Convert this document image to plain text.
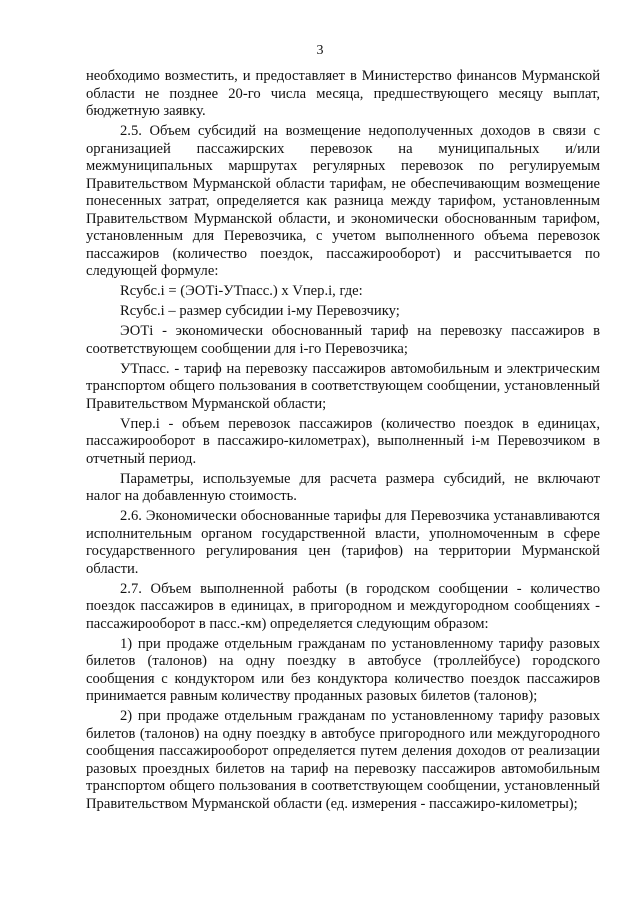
3

необходимо возместить, и предоставляет в Министерство финансов Мурманской области не позднее 20-го числа месяца, предшествующего месяцу выплат, бюджетную заявку.

2.5. Объем субсидий на возмещение недополученных доходов в связи с организацией пассажирских перевозок на муниципальных и/или межмуниципальных маршрутах регулярных перевозок по регулируемым Правительством Мурманской области тарифам, не обеспечивающим возмещение понесенных затрат, определяется как разница между тарифом, установленным Правительством Мурманской области, и экономически обоснованным тарифом, установленным для Перевозчика, с учетом выполненного объема перевозок пассажиров (количество поездок, пассажирооборот) и рассчитывается по следующей формуле:

Rсубс.i = (ЭОТi-УТпасс.) х Vпер.i, где:

Rсубс.i – размер субсидии i-му Перевозчику;

ЭОТi - экономически обоснованный тариф на перевозку пассажиров в соответствующем сообщении для i-го Перевозчика;

УТпасс. - тариф на перевозку пассажиров автомобильным и электрическим транспортом общего пользования в соответствующем сообщении, установленный Правительством Мурманской области;

Vпер.i - объем перевозок пассажиров (количество поездок в единицах, пассажирооборот в пассажиро-километрах), выполненный i-м Перевозчиком в отчетный период.

Параметры, используемые для расчета размера субсидий, не включают налог на добавленную стоимость.

2.6. Экономически обоснованные тарифы для Перевозчика устанавливаются исполнительным органом государственной власти, уполномоченным в сфере государственного регулирования цен (тарифов) на территории Мурманской области.

2.7. Объем выполненной работы (в городском сообщении - количество поездок пассажиров в единицах, в пригородном и междугородном сообщениях - пассажирооборот в пасс.-км) определяется следующим образом:

1) при продаже отдельным гражданам по установленному тарифу разовых билетов (талонов) на одну поездку в автобусе (троллейбусе) городского сообщения с кондуктором или без кондуктора количество поездок пассажиров принимается равным количеству проданных разовых билетов (талонов);

2) при продаже отдельным гражданам по установленному тарифу разовых билетов (талонов) на одну поездку в автобусе пригородного или междугородного сообщения пассажирооборот определяется путем деления доходов от реализации разовых проездных билетов на тариф на перевозку пассажиров автомобильным транспортом общего пользования в соответствующем сообщении, установленный Правительством Мурманской области (ед. измерения - пассажиро-километры);
